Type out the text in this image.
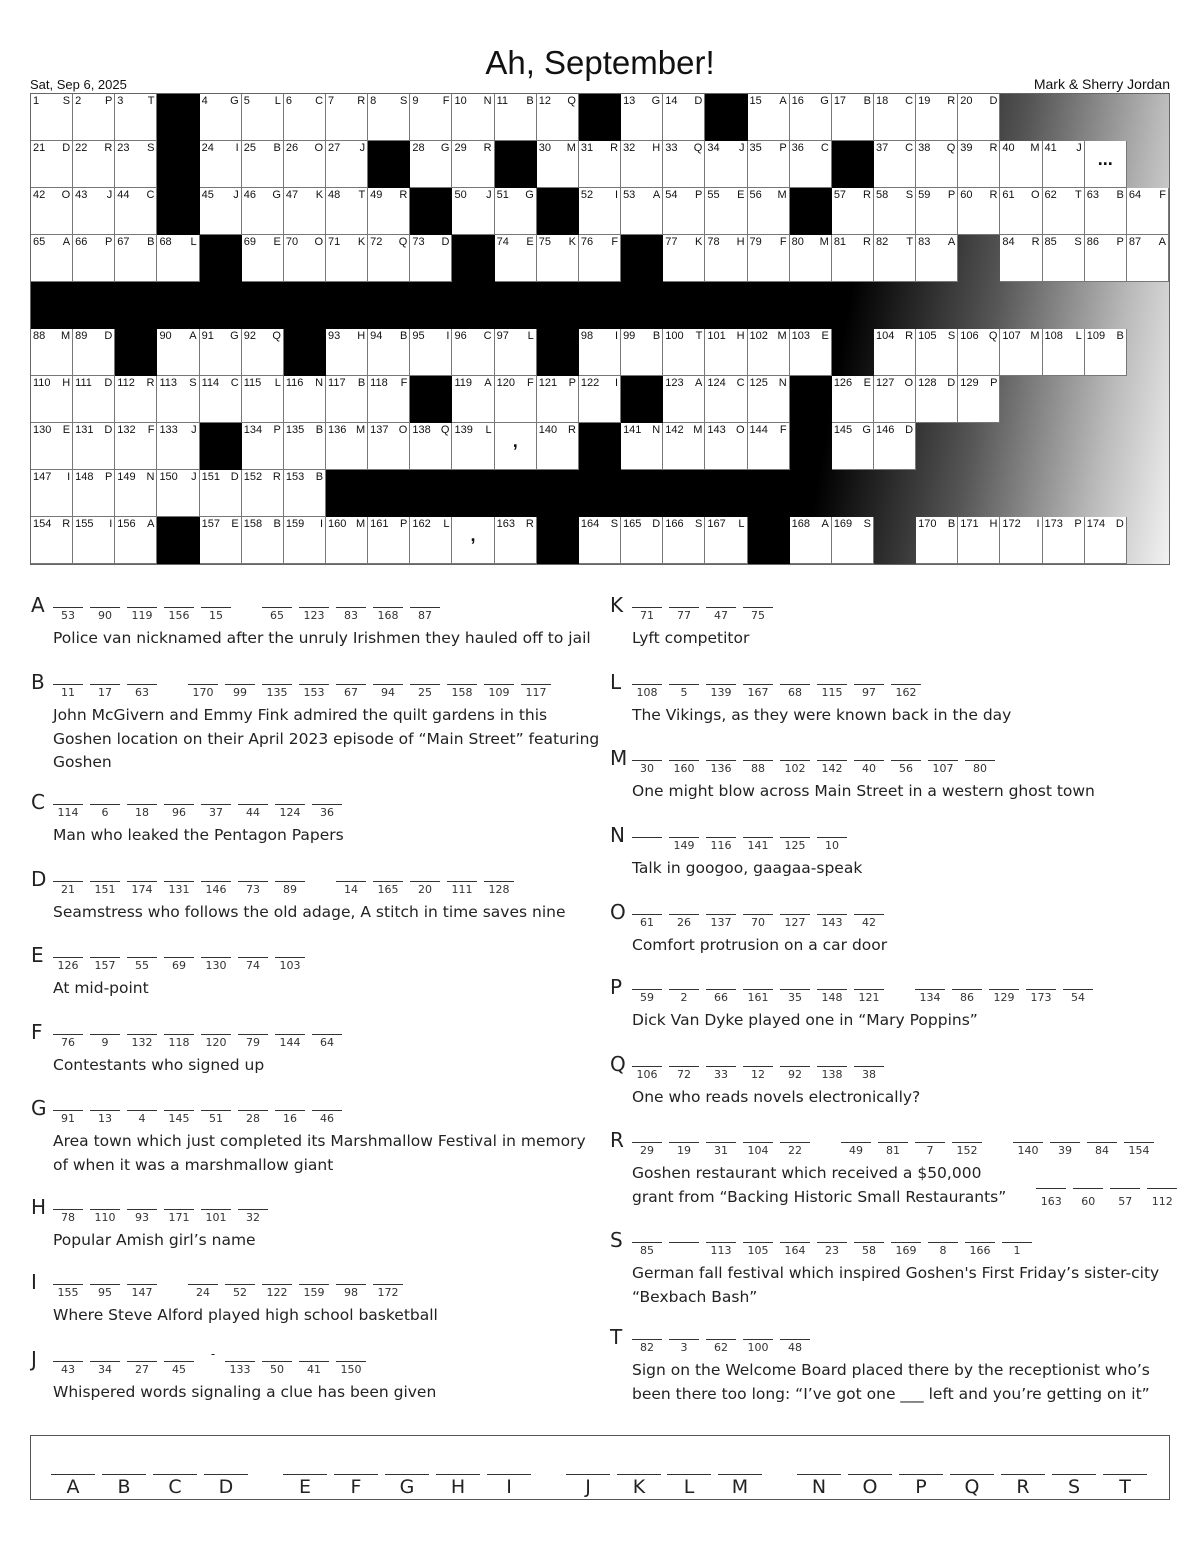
Sat, Sep 6, 2025
Ah, September!
Mark & Sherry Jordan
1 S 2 P 3 T	4 G 5 L 6 C 7 R 8 S 9 F 10 N 11 B 12 Q	13 G 14 D	15 A 16 G 17 B 18 C 19 R 20 D
21 D 22 R 23 S	24 I 25 B 26 O 27 J	28 G 29 R	30 M 31 R 32 H 33 Q 34 J 35 P 36 C	37 C 38 Q 39 R 40 M 41 J
...
42 O 43 J 44 C	45 J 46 G 47 K 48 T 49 R	50 J 51 G	52 I 53 A 54 P 55 E 56 M	57 R 58 S 59 P 60 R 61 O 62 T 63 B 64 F
65 A 66 P 67 B 68 L	69 E 70 O 71 K 72 Q 73 D	74 E 75 K 76 F	77 K 78 H 79 F 80 M 81 R 82 T 83 A	84 R 85 S 86 P 87 A
88 M 89 D	90 A 91 G 92 Q	93 H 94 B 95 I 96 C 97 L	98 I 99 B 100 T 101 H 102 M 103 E	104 R 105 S 106 Q 107 M 108 L 109 B
110 H 111 D 112 R 113 S 114 C 115 L 116 N 117 B 118 F	119 A 120 F 121 P 122 I	123 A 124 C 125 N	126 E 127 O 128 D 129 P
130 E 131 D 132 F 133 J	134 P 135 B 136 M 137 O 138 Q 139 L
,
140 R	141 N 142 M 143 O 144 F	145 G 146 D
147 I 148 P 149 N 150 J 151 D 152 R 153 B
154 R 155 I 156 A	157 E 158 B 159 I 160 M 161 P 162 L
,
163 R	164 S 165 D 166 S 167 L	168 A 169 S	170 B 171 H 172 I 173 P 174 D
A	53	90	119	156	15	65	123	83	168	87
Police van nicknamed after the unruly Irishmen they hauled off to jail
B	11	17	63	170	99	135	153	67	94	25	158	109	117
John McGivern and Emmy Fink admired the quilt gardens in this
Goshen location on their April 2023 episode of “Main Street” featuring
Goshen
C	114	6	18	96	37	44	124	36
Man who leaked the Pentagon Papers
D	21	151	174	131	146	73	89	14	165	20	111	128
Seamstress who follows the old adage, A stitch in time saves nine
E	126	157	55	69	130	74	103
At mid-point
F	76	9	132	118	120	79	144	64
Contestants who signed up
G	91	13	4	145	51	28	16	46
Area town which just completed its Marshmallow Festival in memory
of when it was a marshmallow giant
H	78	110	93	171	101	32
Popular Amish girl’s name
I	155	95	147	24	52	122	159	98	172
Where Steve Alford played high school basketball
J	43	34	27	45
-
133	50	41	150
Whispered words signaling a clue has been given
K	71	77	47	75
Lyft competitor
L	108	5	139	167	68	115	97	162
The Vikings, as they were known back in the day
M	30	160	136	88	102	142	40	56	107	80
One might blow across Main Street in a western ghost town
N	149	116	141	125	10
Talk in googoo, gaagaa-speak
O	61	26	137	70	127	143	42
Comfort protrusion on a car door
P	59	2	66	161	35	148	121	134	86	129	173	54
Dick Van Dyke played one in “Mary Poppins”
Q 106	72	33	12	92	138	38
One who reads novels electronically?
R	29	19	31	104	22	49	81	7	152	140	39	84	154
Goshen restaurant which received a $50,000
grant from “Backing Historic Small Restaurants”	163	60	57	112
S	85	113	105	164	23	58	169	8	166	1
German fall festival which inspired Goshen's First Friday’s sister-city
“Bexbach Bash”
T	82	3	62	100	48
Sign on the Welcome Board placed there by the receptionist who’s
been there too long: “I’ve got one ___ left and you’re getting on it”
A	B	C	D	E	F	G	H	I	J	K	L	M	N	O	P	Q	R	S	T
